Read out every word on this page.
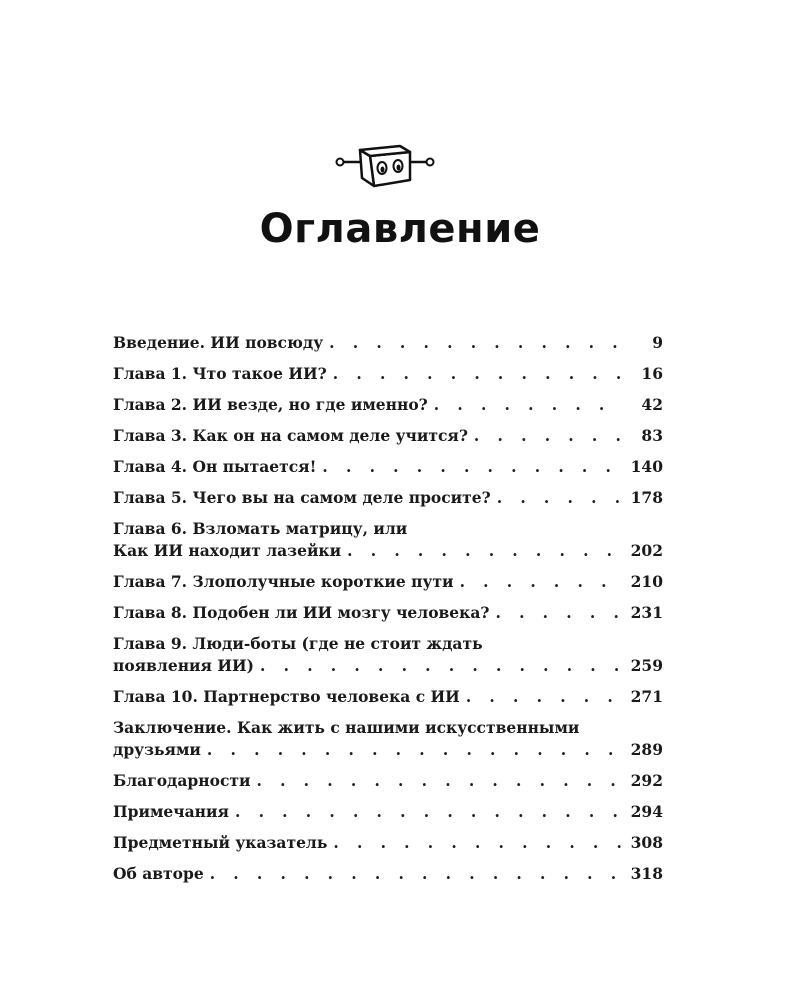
Оглавление
Введение. ИИ повсюду . . .	9
Глава 1. Что такое ИИ? . . .	16
Глава 2. ИИ везде, но где именно? . . .	42
Глава 3. Как он на самом деле учится? . . .	83
Глава 4. Он пытается! . . .	140
Глава 5. Чего вы на самом деле просите? . . .	178
Глава 6. Взломать матрицу, или
Как ИИ находит лазейки . . .	202
Глава 7. Злополучные короткие пути . . .	210
Глава 8. Подобен ли ИИ мозгу человека? . . .	231
Глава 9. Люди-боты (где не стоит ждать
появления ИИ) . . .	259
Глава 10. Партнерство человека с ИИ . . .	271
Заключение. Как жить с нашими искусственными
друзьями . . .	289
Благодарности . . .	292
Примечания . . .	294
Предметный указатель . . .	308
Об авторе . . .	318
